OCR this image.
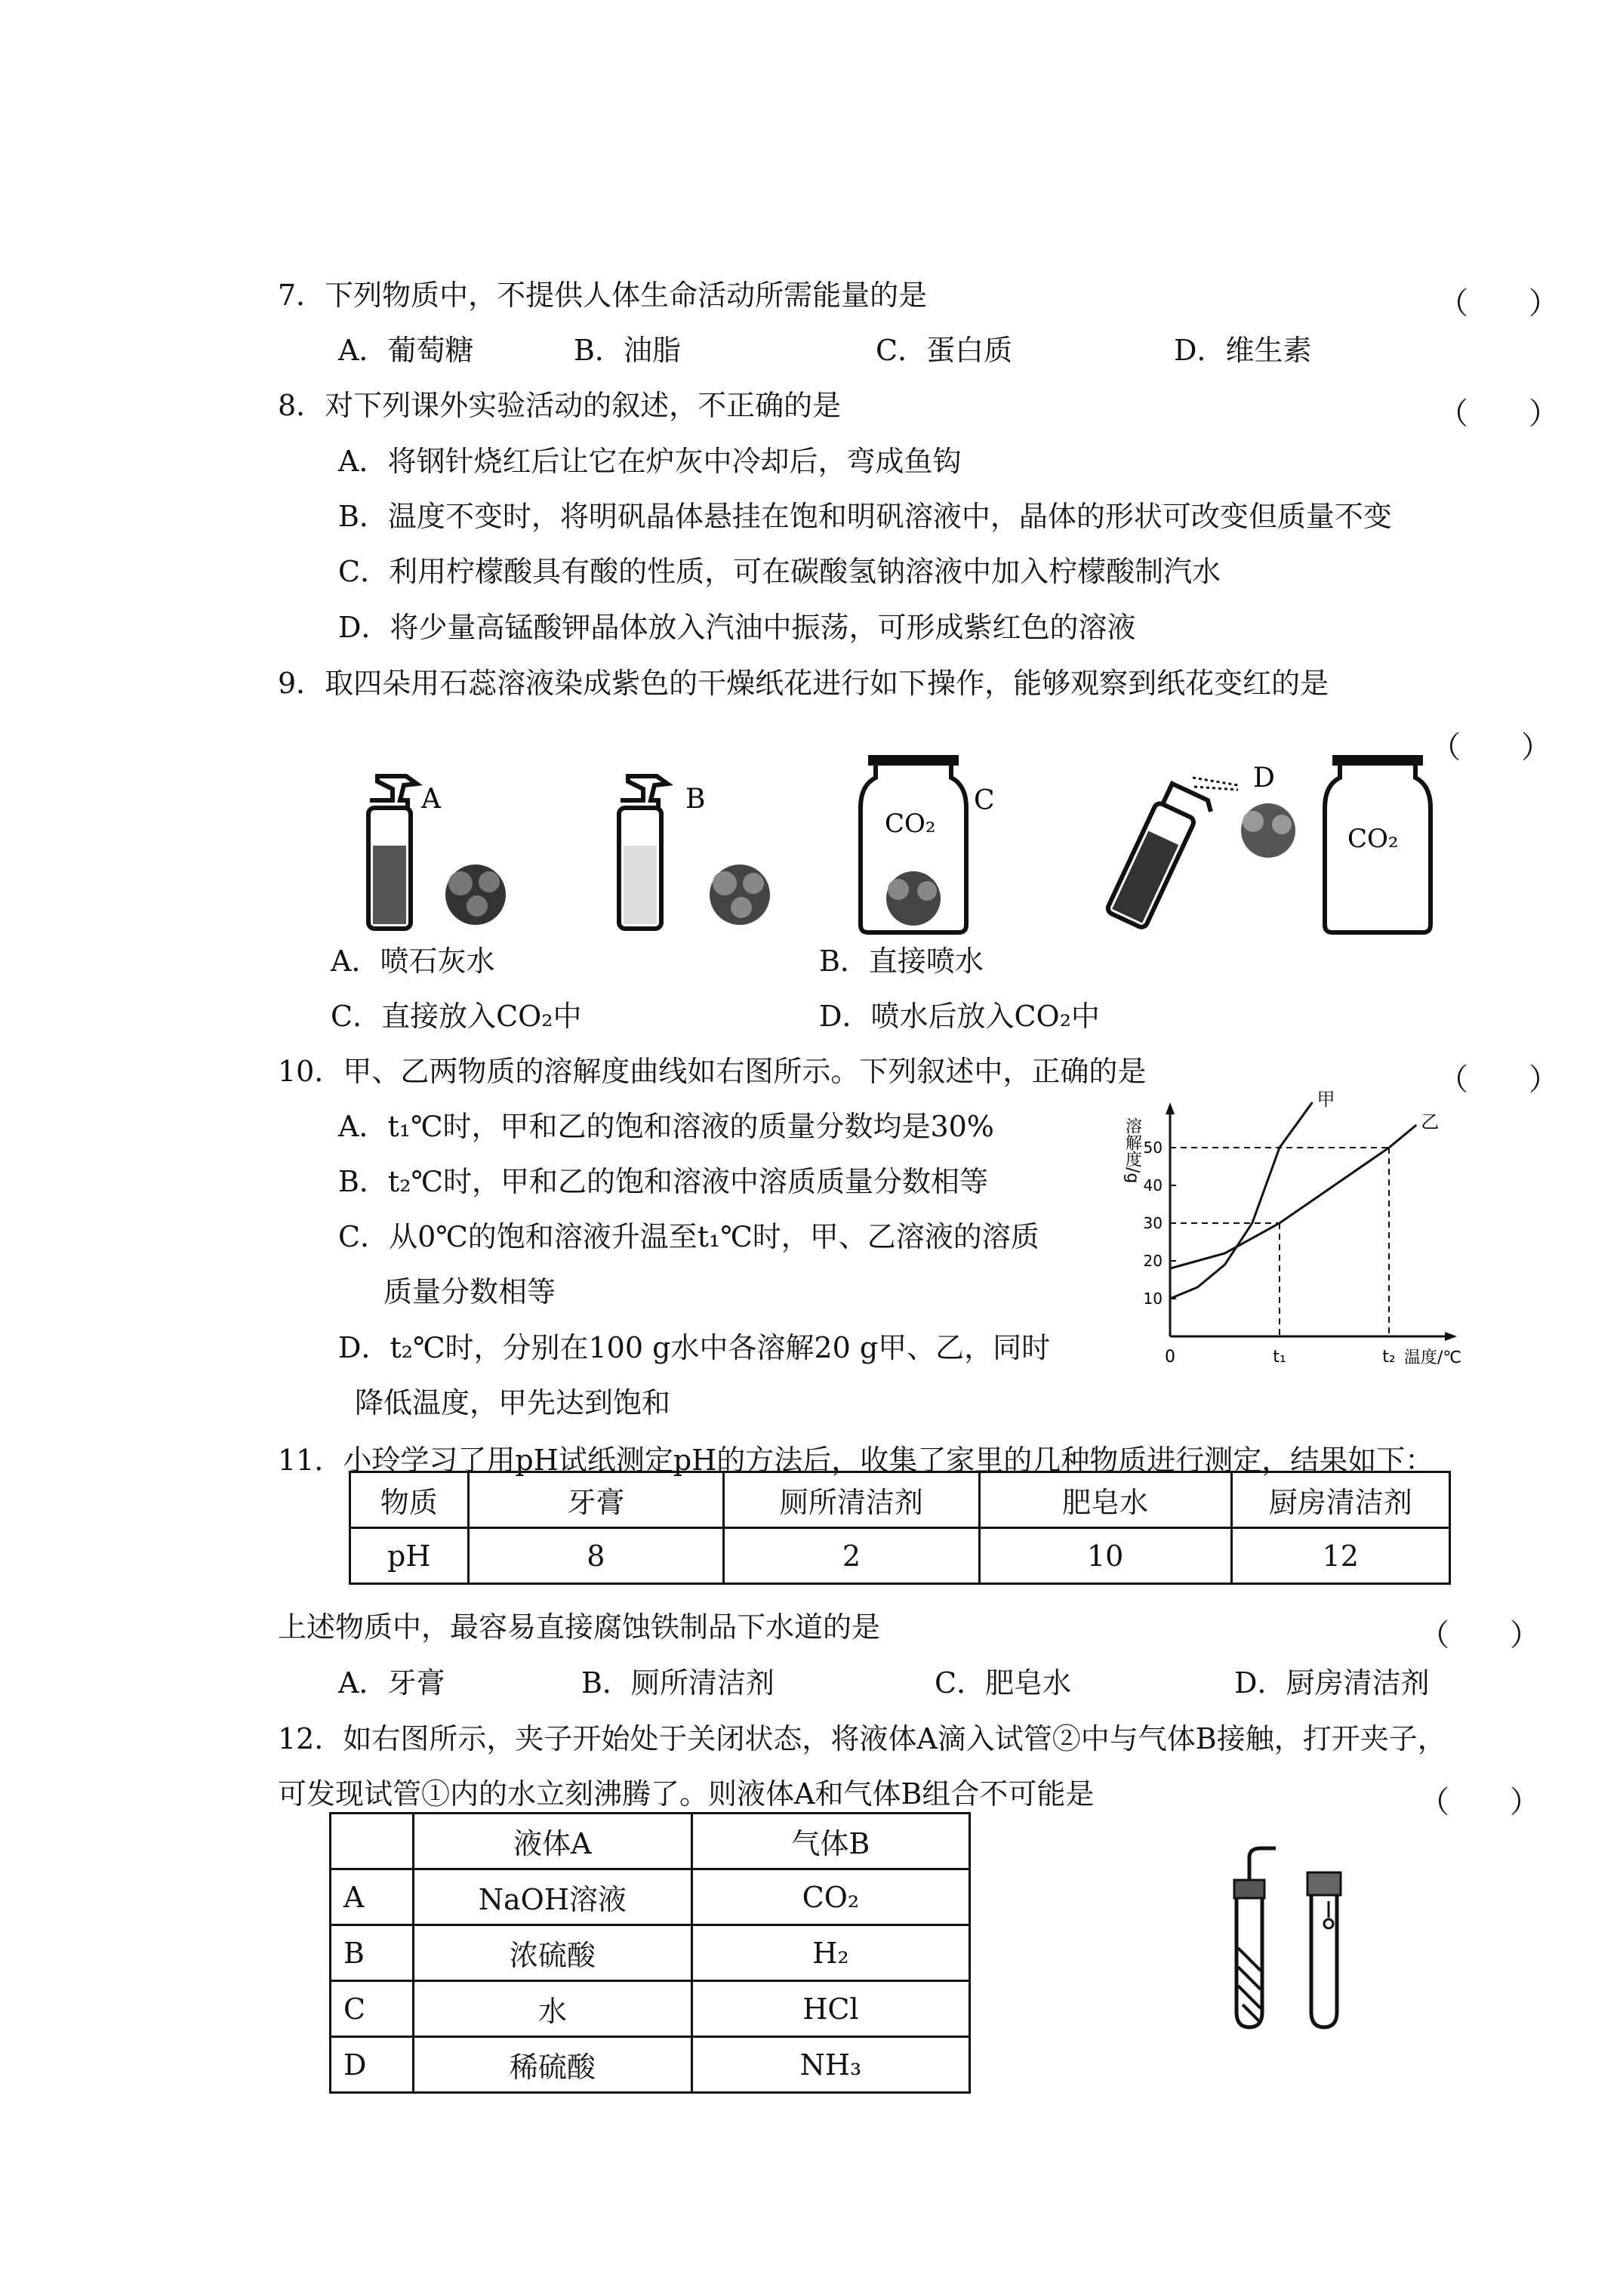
7．下列物质中，不提供人体生命活动所需能量的是	（　　）
A．葡萄糖	B．油脂	C．蛋白质	D．维生素
8．对下列课外实验活动的叙述，不正确的是	（　　）
A．将钢针烧红后让它在炉灰中冷却后，弯成鱼钩
B．温度不变时，将明矾晶体悬挂在饱和明矾溶液中，晶体的形状可改变但质量不变
C．利用柠檬酸具有酸的性质，可在碳酸氢钠溶液中加入柠檬酸制汽水
D．将少量高锰酸钾晶体放入汽油中振荡，可形成紫红色的溶液
9．取四朵用石蕊溶液染成紫色的干燥纸花进行如下操作，能够观察到纸花变红的是
（　　）
A	B
CO₂
C
D
CO₂
A．喷石灰水	B．直接喷水
C．直接放入CO₂中	D．喷水后放入CO₂中
10．甲、乙两物质的溶解度曲线如右图所示。下列叙述中，正确的是	（　　）
A．t₁℃时，甲和乙的饱和溶液的质量分数均是30%
B．t₂℃时，甲和乙的饱和溶液中溶质质量分数相等
C．从0℃的饱和溶液升温至t₁℃时，甲、乙溶液的溶质
质量分数相等
D．t₂℃时，分别在100 g水中各溶解20 g甲、乙，同时
降低温度，甲先达到饱和
溶解度/g
10
20
30
40
50
0	t₁	t₂
甲
乙
温度/℃
11．小玲学习了用pH试纸测定pH的方法后，收集了家里的几种物质进行测定，结果如下：
物质	牙膏	厕所清洁剂	肥皂水	厨房清洁剂
pH	8	2	10	12
上述物质中，最容易直接腐蚀铁制品下水道的是	（　　）
A．牙膏	B．厕所清洁剂	C．肥皂水	D．厨房清洁剂
12．如右图所示，夹子开始处于关闭状态，将液体A滴入试管②中与气体B接触，打开夹子，
可发现试管①内的水立刻沸腾了。则液体A和气体B组合不可能是	（　　）
	液体A	气体B
A	NaOH溶液	CO₂
B	浓硫酸	H₂
C	水	HCl
D	稀硫酸	NH₃
